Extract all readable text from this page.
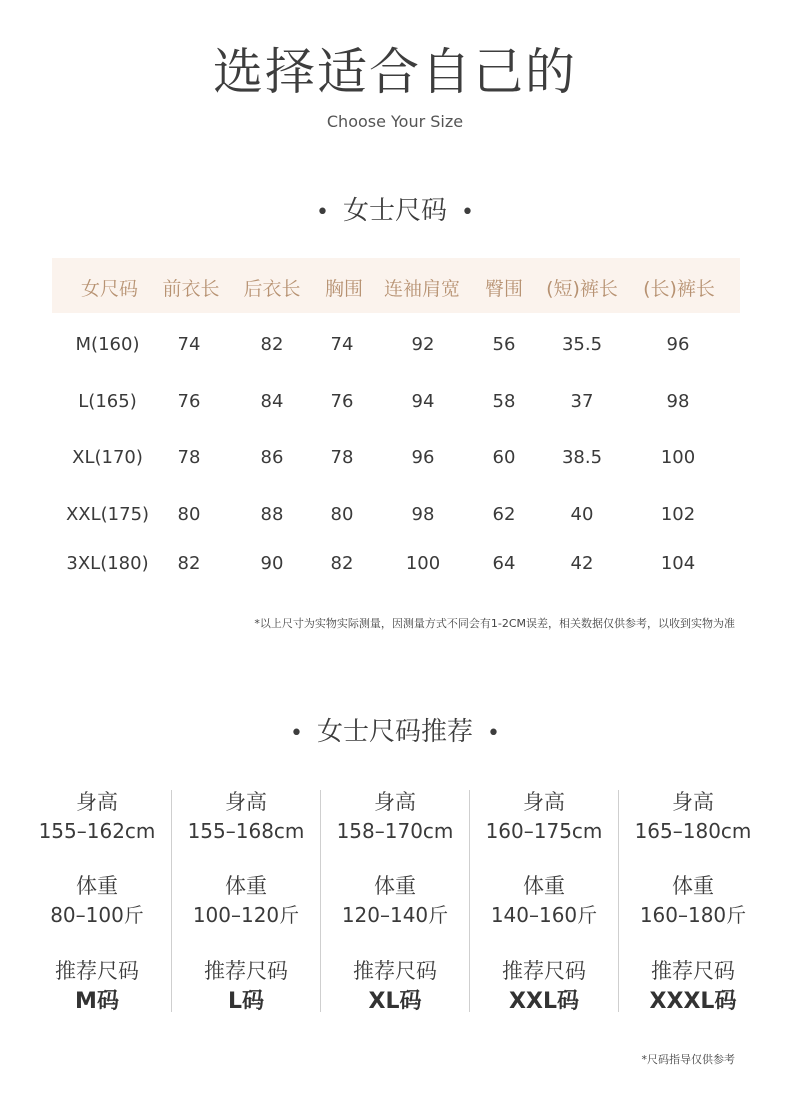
选择适合自己的
Choose Your Size
• 女士尺码 •
女尺码	前衣长	后衣长	胸围	连袖肩宽	臀围	(短)裤长	(长)裤长
M(160)	74	82	74	92	56	35.5	96
L(165)	76	84	76	94	58	37	98
XL(170)	78	86	78	96	60	38.5	100
XXL(175)	80	88	80	98	62	40	102
3XL(180)	82	90	82	100	64	42	104
*以上尺寸为实物实际测量，因测量方式不同会有1-2CM误差，相关数据仅供参考，以收到实物为准
• 女士尺码推荐 •
身高
155–162cm
体重
80–100斤
推荐尺码
M码
身高
155–168cm
体重
100–120斤
推荐尺码
L码
身高
158–170cm
体重
120–140斤
推荐尺码
XL码
身高
160–175cm
体重
140–160斤
推荐尺码
XXL码
身高
165–180cm
体重
160–180斤
推荐尺码
XXXL码
*尺码指导仅供参考
